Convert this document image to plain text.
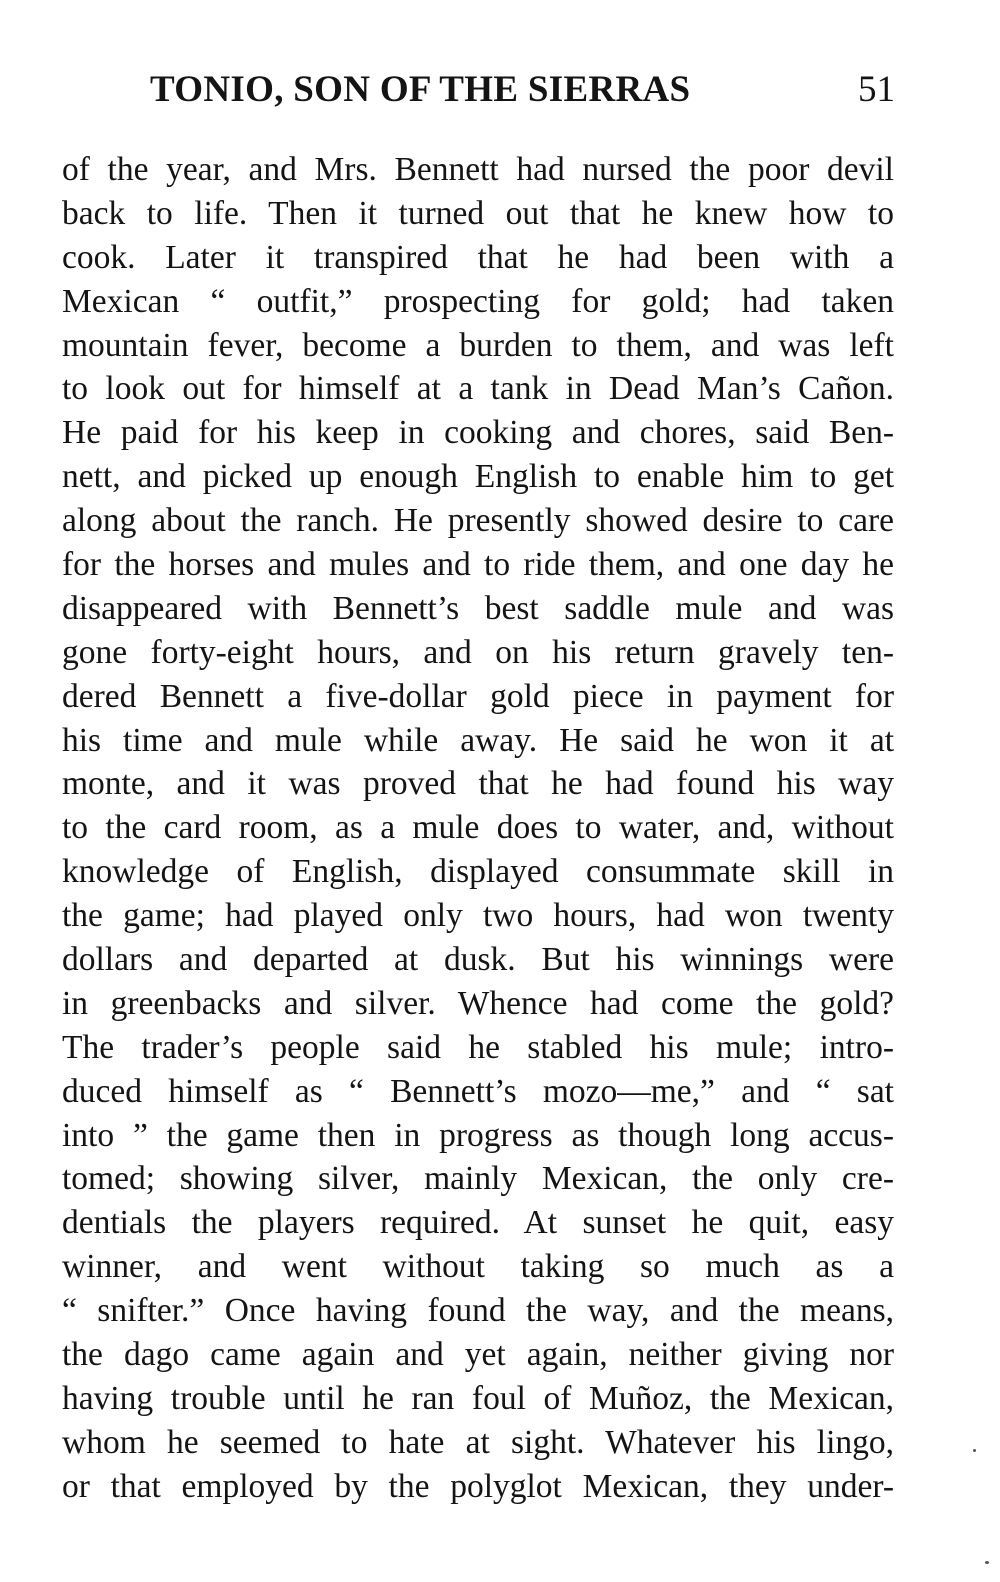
TONIO, SON OF THE SIERRAS	51
of the year, and Mrs. Bennett had nursed the poor devil
back to life. Then it turned out that he knew how to
cook. Later it transpired that he had been with a
Mexican “ outfit,” prospecting for gold; had taken
mountain fever, become a burden to them, and was left
to look out for himself at a tank in Dead Man’s Cañon.
He paid for his keep in cooking and chores, said Ben-
nett, and picked up enough English to enable him to get
along about the ranch. He presently showed desire to care
for the horses and mules and to ride them, and one day he
disappeared with Bennett’s best saddle mule and was
gone forty-eight hours, and on his return gravely ten-
dered Bennett a five-dollar gold piece in payment for
his time and mule while away. He said he won it at
monte, and it was proved that he had found his way
to the card room, as a mule does to water, and, without
knowledge of English, displayed consummate skill in
the game; had played only two hours, had won twenty
dollars and departed at dusk. But his winnings were
in greenbacks and silver. Whence had come the gold?
The trader’s people said he stabled his mule; intro-
duced himself as “ Bennett’s mozo—me,” and “ sat
into ” the game then in progress as though long accus-
tomed; showing silver, mainly Mexican, the only cre-
dentials the players required. At sunset he quit, easy
winner, and went without taking so much as a
“ snifter.” Once having found the way, and the means,
the dago came again and yet again, neither giving nor
having trouble until he ran foul of Muñoz, the Mexican,
whom he seemed to hate at sight. Whatever his lingo,
or that employed by the polyglot Mexican, they under-
